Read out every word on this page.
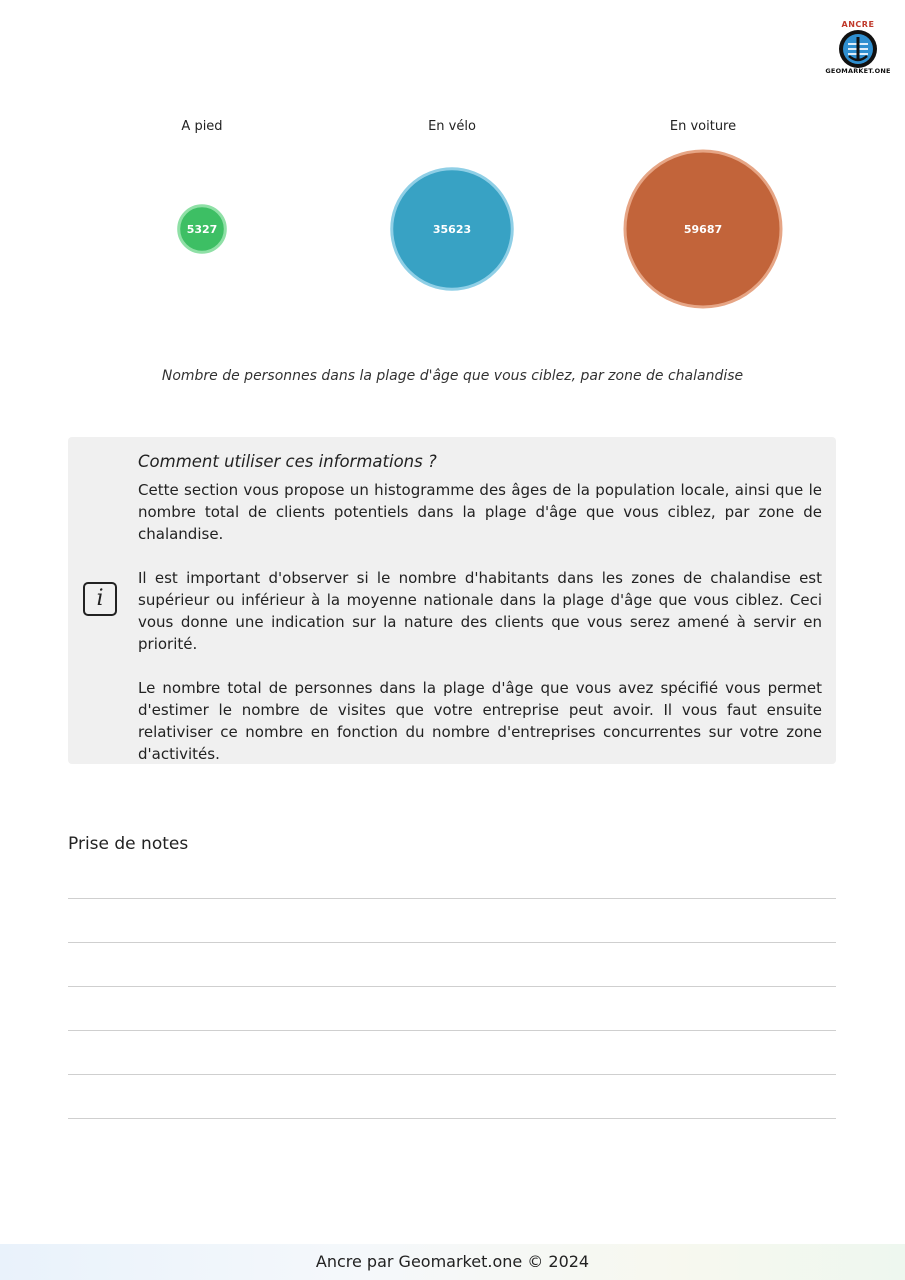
ANCRE
GEOMARKET.ONE
A pied
5327
En vélo
35623
En voiture
59687
Nombre de personnes dans la plage d'âge que vous ciblez, par zone de chalandise
i
Comment utiliser ces informations ?

Cette section vous propose un histogramme des âges de la population locale, ainsi que le nombre total de clients potentiels dans la plage d'âge que vous ciblez, par zone de chalandise.

Il est important d'observer si le nombre d'habitants dans les zones de chalandise est supérieur ou inférieur à la moyenne nationale dans la plage d'âge que vous ciblez. Ceci vous donne une indication sur la nature des clients que vous serez amené à servir en priorité.

Le nombre total de personnes dans la plage d'âge que vous avez spécifié vous permet d'estimer le nombre de visites que votre entreprise peut avoir. Il vous faut ensuite relativiser ce nombre en fonction du nombre d'entreprises concurrentes sur votre zone d'activités.

Prise de notes
Ancre par Geomarket.one © 2024
